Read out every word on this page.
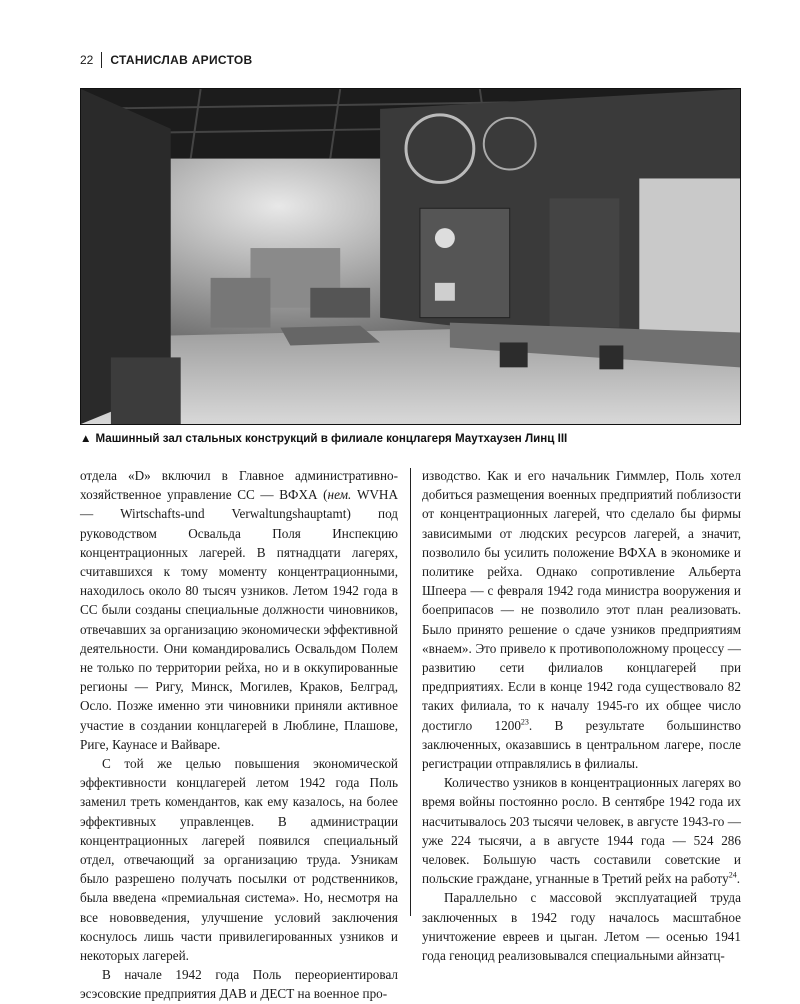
22 СТАНИСЛАВ АРИСТОВ
▲ Машинный зал стальных конструкций в филиале концлагеря Маутхаузен Линц III

отдела «D» включил в Главное административно-хозяйственное управление СС — ВФХА (нем. WVHA — Wirtschafts-und Verwaltungshauptamt) под руководством Освальда Поля Инспекцию концентрационных лагерей. В пятнадцати лагерях, считавшихся к тому моменту концентрационными, находилось около 80 тысяч узников. Летом 1942 года в СС были созданы специальные должности чиновников, отвечавших за организацию экономически эффективной деятельности. Они командировались Освальдом Полем не только по территории рейха, но и в оккупированные регионы — Ригу, Минск, Могилев, Краков, Белград, Осло. Позже именно эти чиновники приняли активное участие в создании концлагерей в Люблине, Плашове, Риге, Каунасе и Вайваре.

С той же целью повышения экономической эффективности концлагерей летом 1942 года Поль заменил треть комендантов, как ему казалось, на более эффективных управленцев. В администрации концентрационных лагерей появился специальный отдел, отвечающий за организацию труда. Узникам было разрешено получать посылки от родственников, была введена «премиальная система». Но, несмотря на все нововведения, улучшение условий заключения коснулось лишь части привилегированных узников и некоторых лагерей.

В начале 1942 года Поль переориентировал эсэсовские предприятия ДАВ и ДЕСТ на военное про-

изводство. Как и его начальник Гиммлер, Поль хотел добиться размещения военных предприятий поблизости от концентрационных лагерей, что сделало бы фирмы зависимыми от людских ресурсов лагерей, а значит, позволило бы усилить положение ВФХА в экономике и политике рейха. Однако сопротивление Альберта Шпеера — с февраля 1942 года министра вооружения и боеприпасов — не позволило этот план реализовать. Было принято решение о сдаче узников предприятиям «внаем». Это привело к противоположному процессу — развитию сети филиалов концлагерей при предприятиях. Если в конце 1942 года существовало 82 таких филиала, то к началу 1945-го их общее число достигло 1200$^{23}$. В результате большинство заключенных, оказавшись в центральном лагере, после регистрации отправлялись в филиалы.

Количество узников в концентрационных лагерях во время войны постоянно росло. В сентябре 1942 года их насчитывалось 203 тысячи человек, в августе 1943-го — уже 224 тысячи, а в августе 1944 года — 524 286 человек. Большую часть составили советские и польские граждане, угнанные в Третий рейх на работу$^{24}$.

Параллельно с массовой эксплуатацией труда заключенных в 1942 году началось масштабное уничтожение евреев и цыган. Летом — осенью 1941 года геноцид реализовывался специальными айнзатц-
